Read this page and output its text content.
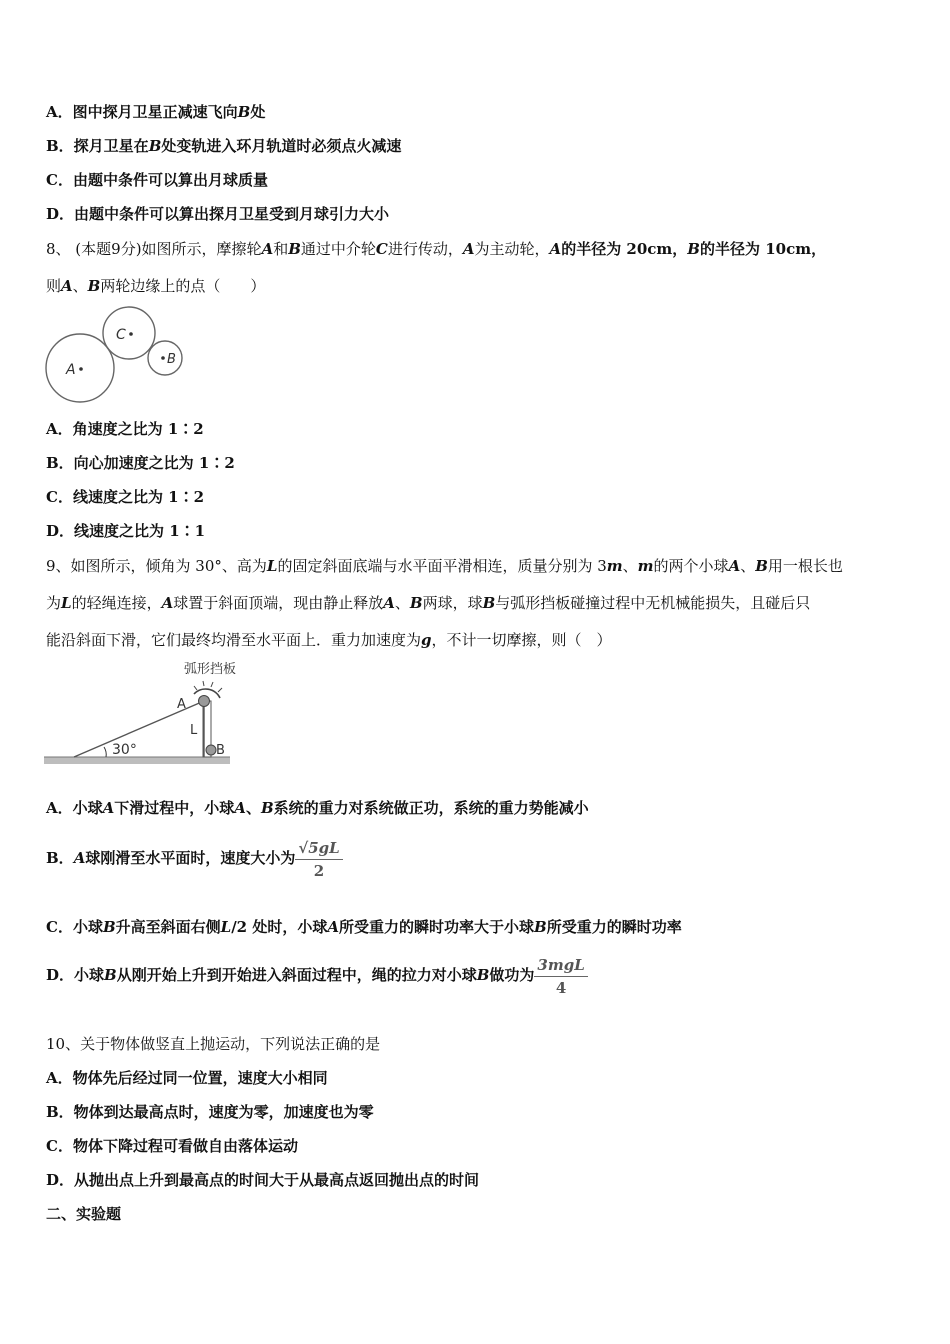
A．图中探月卫星正减速飞向B处
B．探月卫星在B处变轨进入环月轨道时必须点火减速
C．由题中条件可以算出月球质量
D．由题中条件可以算出探月卫星受到月球引力大小
8、 (本题9分)如图所示，摩擦轮A和B通过中介轮C进行传动，A为主动轮，A的半径为 20cm，B的半径为 10cm，
则A、B两轮边缘上的点（　　）
A
C
B
A．角速度之比为 1∶2
B．向心加速度之比为 1∶2
C．线速度之比为 1∶2
D．线速度之比为 1∶1
9、如图所示，倾角为 30°、高为L的固定斜面底端与水平面平滑相连，质量分别为 3m、m的两个小球A、B用一根长也
为L的轻绳连接，A球置于斜面顶端，现由静止释放A、B两球，球B与弧形挡板碰撞过程中无机械能损失，且碰后只
能沿斜面下滑，它们最终均滑至水平面上．重力加速度为g，不计一切摩擦，则（　）
30°
弧形挡板
A
L
B
A．小球A下滑过程中，小球A、B系统的重力对系统做正功，系统的重力势能减小
B．A球刚滑至水平面时，速度大小为 $\frac{√5gL}{2}$
C．小球B升高至斜面右侧L/2 处时，小球A所受重力的瞬时功率大于小球B所受重力的瞬时功率
D．小球B从刚开始上升到开始进入斜面过程中，绳的拉力对小球B做功为 $\frac{\text{3mgL}}{4}$
10、关于物体做竖直上抛运动，下列说法正确的是
A．物体先后经过同一位置，速度大小相同
B．物体到达最高点时，速度为零，加速度也为零
C．物体下降过程可看做自由落体运动
D．从抛出点上升到最高点的时间大于从最高点返回抛出点的时间
二、实验题
